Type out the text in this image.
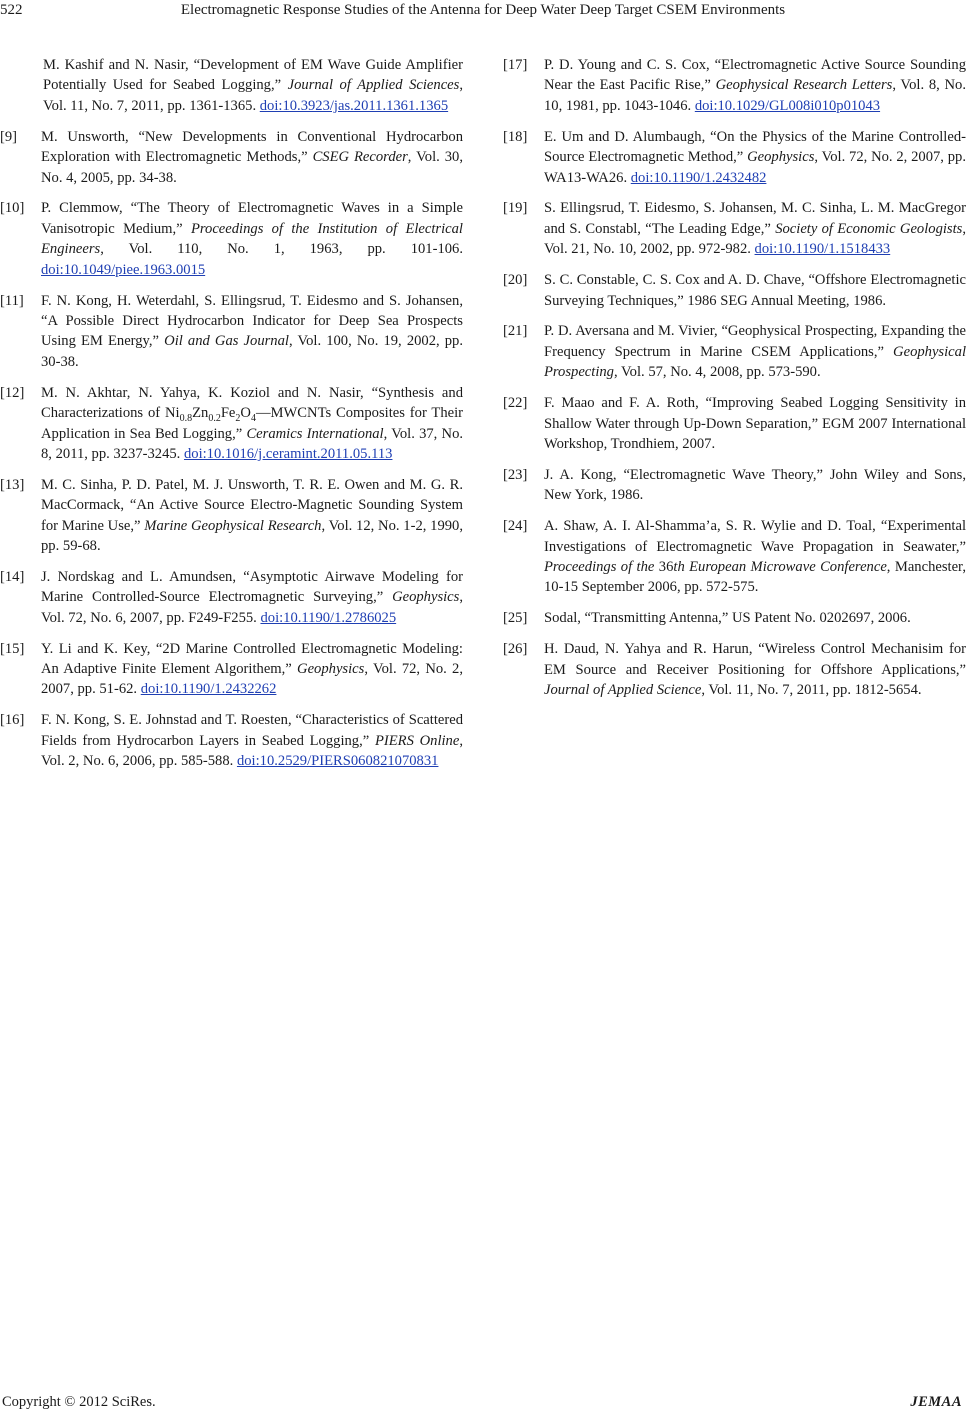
522	Electromagnetic Response Studies of the Antenna for Deep Water Deep Target CSEM Environments
M. Kashif and N. Nasir, “Development of EM Wave Guide Amplifier Potentially Used for Seabed Logging,” Journal of Applied Sciences, Vol. 11, No. 7, 2011, pp. 1361-1365. doi:10.3923/jas.2011.1361.1365
[9] M. Unsworth, “New Developments in Conventional Hydrocarbon Exploration with Electromagnetic Methods,” CSEG Recorder, Vol. 30, No. 4, 2005, pp. 34-38.
[10] P. Clemmow, “The Theory of Electromagnetic Waves in a Simple Vanisotropic Medium,” Proceedings of the Institution of Electrical Engineers, Vol. 110, No. 1, 1963, pp. 101-106. doi:10.1049/piee.1963.0015
[11] F. N. Kong, H. Weterdahl, S. Ellingsrud, T. Eidesmo and S. Johansen, “A Possible Direct Hydrocarbon Indicator for Deep Sea Prospects Using EM Energy,” Oil and Gas Journal, Vol. 100, No. 19, 2002, pp. 30-38.
[12] M. N. Akhtar, N. Yahya, K. Koziol and N. Nasir, “Synthesis and Characterizations of $Ni_{0.8}Zn_{0.2}Fe_2O_4—MWCNTs$ Composites for Their Application in Sea Bed Logging,” Ceramics International, Vol. 37, No. 8, 2011, pp. 3237-3245. doi:10.1016/j.ceramint.2011.05.113
[13] M. C. Sinha, P. D. Patel, M. J. Unsworth, T. R. E. Owen and M. G. R. MacCormack, “An Active Source Electro-Magnetic Sounding System for Marine Use,” Marine Geophysical Research, Vol. 12, No. 1-2, 1990, pp. 59-68.
[14] J. Nordskag and L. Amundsen, “Asymptotic Airwave Modeling for Marine Controlled-Source Electromagnetic Surveying,” Geophysics, Vol. 72, No. 6, 2007, pp. F249-F255. doi:10.1190/1.2786025
[15] Y. Li and K. Key, “2D Marine Controlled Electromagnetic Modeling: An Adaptive Finite Element Algorithem,” Geophysics, Vol. 72, No. 2, 2007, pp. 51-62. doi:10.1190/1.2432262
[16] F. N. Kong, S. E. Johnstad and T. Roesten, “Characteristics of Scattered Fields from Hydrocarbon Layers in Seabed Logging,” PIERS Online, Vol. 2, No. 6, 2006, pp. 585-588. doi:10.2529/PIERS060821070831
[17] P. D. Young and C. S. Cox, “Electromagnetic Active Source Sounding Near the East Pacific Rise,” Geophysical Research Letters, Vol. 8, No. 10, 1981, pp. 1043-1046. doi:10.1029/GL008i010p01043
[18] E. Um and D. Alumbaugh, “On the Physics of the Marine Controlled-Source Electromagnetic Method,” Geophysics, Vol. 72, No. 2, 2007, pp. WA13-WA26. doi:10.1190/1.2432482
[19] S. Ellingsrud, T. Eidesmo, S. Johansen, M. C. Sinha, L. M. MacGregor and S. Constabl, “The Leading Edge,” Society of Economic Geologists, Vol. 21, No. 10, 2002, pp. 972-982. doi:10.1190/1.1518433
[20] S. C. Constable, C. S. Cox and A. D. Chave, “Offshore Electromagnetic Surveying Techniques,” 1986 SEG Annual Meeting, 1986.
[21] P. D. Aversana and M. Vivier, “Geophysical Prospecting, Expanding the Frequency Spectrum in Marine CSEM Applications,” Geophysical Prospecting, Vol. 57, No. 4, 2008, pp. 573-590.
[22] F. Maao and F. A. Roth, “Improving Seabed Logging Sensitivity in Shallow Water through Up-Down Separation,” EGM 2007 International Workshop, Trondhiem, 2007.
[23] J. A. Kong, “Electromagnetic Wave Theory,” John Wiley and Sons, New York, 1986.
[24] A. Shaw, A. I. Al-Shamma’a, S. R. Wylie and D. Toal, “Experimental Investigations of Electromagnetic Wave Propagation in Seawater,” Proceedings of the 36th European Microwave Conference, Manchester, 10-15 September 2006, pp. 572-575.
[25] Sodal, “Transmitting Antenna,” US Patent No. 0202697, 2006.
[26] H. Daud, N. Yahya and R. Harun, “Wireless Control Mechanisim for EM Source and Receiver Positioning for Offshore Applications,” Journal of Applied Science, Vol. 11, No. 7, 2011, pp. 1812-5654.
Copyright © 2012 SciRes.	JEMAA
